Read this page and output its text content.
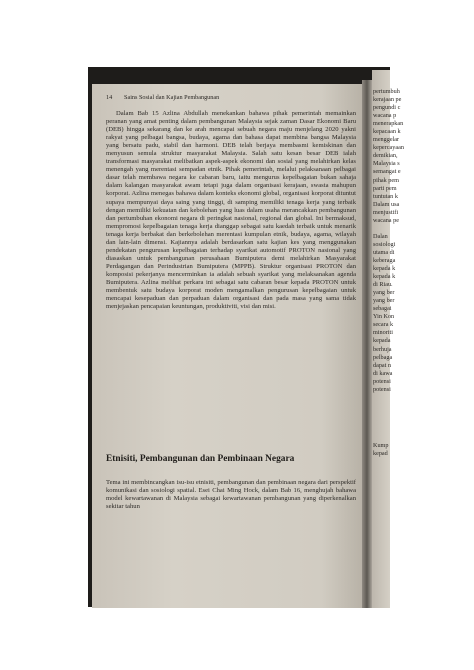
14 Sains Sosial dan Kajian Pembangunan

Dalam Bab 15 Azlina Abdullah menekankan bahawa pihak pemerintah memainkan peranan yang amat penting dalam pembangunan Malaysia sejak zaman Dasar Ekonomi Baru (DEB) hingga sekarang dan ke arah mencapai sebuah negara maju menjelang 2020 yakni rakyat yang pelbagai bangsa, budaya, agama dan bahasa dapat membina bangsa Malaysia yang bersatu padu, stabil dan harmoni. DEB telah berjaya membasmi kemiskinan dan menyusun semula struktur masyarakat Malaysia. Salah satu kesan besar DEB ialah transformasi masyarakat melibatkan aspek-aspek ekonomi dan sosial yang melahirkan kelas menengah yang merentasi sempadan etnik. Pihak pemerintah, melalui pelaksanaan pelbagai dasar telah membawa negara ke cabaran baru, iaitu mengurus kepelbagaian bukan sahaja dalam kalangan masyarakat awam tetapi juga dalam organisasi kerajaan, swasta mahupun korporat. Azlina menegas bahawa dalam konteks ekonomi global, organisasi korporat dituntut supaya mempunyai daya saing yang tinggi, di samping memiliki tenaga kerja yang terbaik dengan memiliki kekuatan dan kebolehan yang luas dalam usaha merancakkan pembangunan dan pertumbuhan ekonomi negara di peringkat nasional, regional dan global. Ini bermaksud, mempromosi kepelbagaian tenaga kerja dianggap sebagai satu kaedah terbaik untuk menarik tenaga kerja berbakat dan berkebolehan merentasi kumpulan etnik, budaya, agama, wilayah dan lain-lain dimensi. Kajiannya adalah berdasarkan satu kajian kes yang menggunakan pendekatan pengurusan kepelbagaian terhadap syarikat automotif PROTON nasional yang diasaskan untuk pembangunan perusahaan Bumiputera demi melahirkan Masyarakat Perdagangan dan Perindustrian Bumiputera (MPPB). Struktur organisasi PROTON dan komposisi pekerjanya mencerminkan ia adalah sebuah syarikat yang melaksanakan agenda Bumiputera. Azlina melihat perkara ini sebagai satu cabaran besar kepada PROTON untuk membentuk satu budaya korporat moden mengamalkan pengurusan kepelbagaian untuk mencapai kesepaduan dan perpaduan dalam organisasi dan pada masa yang sama tidak menjejaskan pencapaian keuntungan, produktiviti, visi dan misi.

Etnisiti, Pembangunan dan Pembinaan Negara

Tema ini membincangkan isu-isu etnisiti, pembangunan dan pembinaan negara dari perspektif komunikasi dan sosiologi spatial. Esei Chai Ming Hock, dalam Bab 16, menghujah bahawa model kewartawanan di Malaysia sebagai kewartawanan pembangunan yang diperkenalkan sekitar tahun

pertumbuh
kerajaan pe
pengundi c
wacana p
menerapkan
kepacaan k
menggelar
kepercayaan
demikian,
Malaysia s
semangat e
pihak pem
parti pem
tuntutan k
Dalam usa
menjustifi
wacana pe
Dalan
sosiologi
utama di
keberaga
kepada k
kepada k
di Riau.
yang ber
yang ber
sebagai
Yin Kon
secara k
minoriti
kepada
berhuja
pelbaga
dapat n
di kawa
potensi
potensi
Kump
kepad
